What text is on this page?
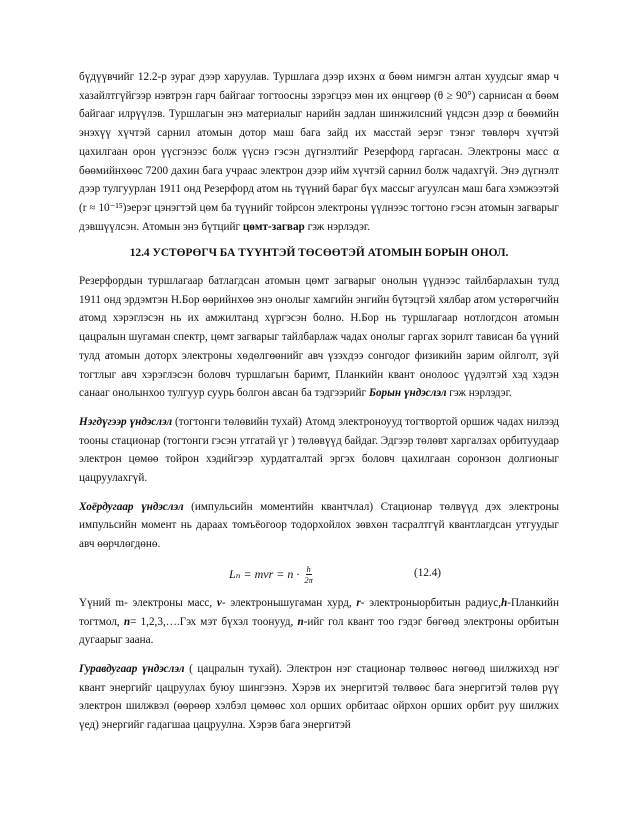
бүдүүвчийг 12.2-р зураг дээр харуулав. Туршлага дээр ихэнх α бөөм нимгэн алтан хуудсыг ямар ч хазайлтгүйгээр нэвтрэн гарч байгааг тогтоосны зэрэгцээ мөн их өнцгөөр (θ ≥ 90°) сарнисан α бөөм байгааг илрүүлэв. Туршлагын энэ материалыг нарийн задлан шинжилсний үндсэн дээр α бөөмийн энэхүү хүчтэй сарнил атомын дотор маш бага зайд их масстай эерэг тэнэг төвлөрч хүчтэй цахилгаан орон үүсгэнээс болж үүснэ гэсэн дүгнэлтийг Резерфорд гаргасан. Электроны масс α бөөмийнхөөс 7200 дахин бага учраас электрон дээр ийм хүчтэй сарнил болж чадахгүй. Энэ дүгнэлт дээр тулгуурлан 1911 онд Резерфорд атом нь түүний бараг бүх массыг агуулсан маш бага хэмжээтэй (r ≈ 10⁻¹⁵)эерэг цэнэгтэй цөм ба түүнийг тойрсон электроны үүлнээс тогтоно гэсэн атомын загварыг дэвшүүлсэн. Атомын энэ бүтцийг цөмт-загвар гэж нэрлэдэг.

12.4 УСТӨРӨГЧ БА ТҮҮНТЭЙ ТӨСӨӨТЭЙ АТОМЫН БОРЫН ОНОЛ.

Резерфордын туршлагаар батлагдсан атомын цөмт загварыг онолын үүднээс тайлбарлахын тулд 1911 онд эрдэмтэн Н.Бор өөрийнхөө энэ онолыг хамгийн энгийн бүтэцтэй хялбар атом устөрөгчийн атомд хэрэглэсэн нь их амжилтанд хүргэсэн болно. Н.Бор нь туршлагаар нотлогдсон атомын цацралын шугаман спектр, цөмт загварыг тайлбарлаж чадах онолыг гаргах зорилт тависан ба үүний тулд атомын доторх электроны хөдөлгөөнийг авч үзэхдээ сонгодог физикийн зарим ойлголт, зүй тогтлыг авч хэрэглэсэн боловч туршлагын баримт, Планкийн квант онолоос үүдэлтэй хэд хэдэн санааг онолынхоо тулгуур суурь болгон авсан ба тэдгээрийг Борын үндэслэл гэж нэрлэдэг.

Нэгдүгээр үндэслэл (тогтонги төлөвийн тухай) Атомд электроноууд тогтвортой оршиж чадах нилээд тооны стационар (тогтонги гэсэн утгатай үг ) төлөвүүд байдаг. Эдгээр төлөвт харгалзах орбитуудаар электрон цөмөө тойрон хэдийгээр хурдатгалтай эргэх боловч цахилгаан соронзон долгионыг цацруулахгүй.

Хоёрдугаар үндэслэл (импульсийн моментийн квантчлал) Стационар төлвүүд дэх электроны импульсийн момент нь дараах томъёогоор тодорхойлох зөвхөн тасралтгүй квантлагдсан утгуудыг авч өөрчлөгдөнө.

Lₙ = mvr = $n \cdot \frac{h}{2\pi}$	(12.4)

Үүний m- электроны масс, v- электронышугаман хурд, r- электроныорбитын радиус,h-Планкийн тогтмол, n= 1,2,3,….Гэх мэт бүхэл тоонууд, n-ийг гол квант тоо гэдэг бөгөөд электроны орбитын дугаарыг заана.

Гуравдугаар үндэслэл ( цацралын тухай). Электрон нэг стационар төлвөөс нөгөөд шилжихэд нэг квант энергийг цацруулах буюу шингээнэ. Хэрэв их энергитэй төлвөөс бага энергитэй төлөв рүү электрон шилжвэл (өөрөөр хэлбэл цөмөөс хол орших орбитаас ойрхон орших орбит руу шилжих үед) энергийг гадагшаа цацруулна. Хэрэв бага энергитэй
